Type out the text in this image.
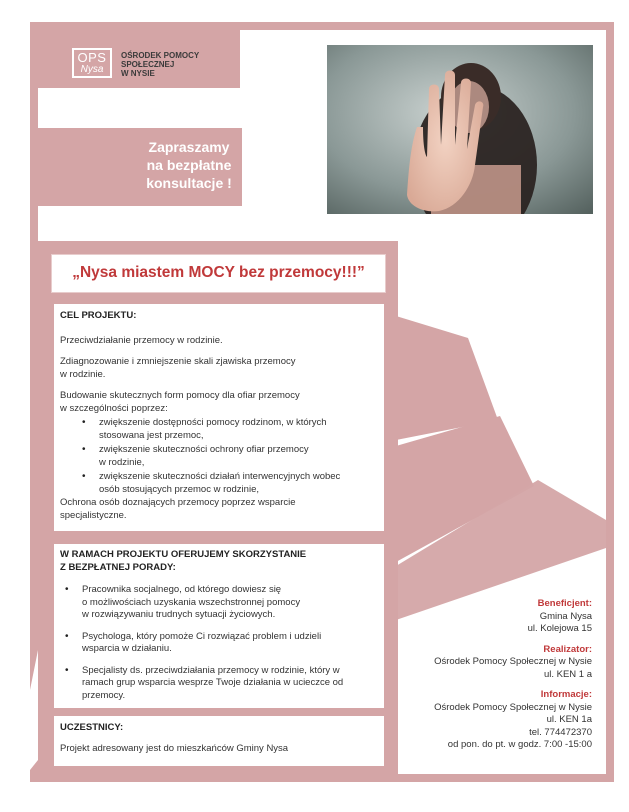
OPS
Nysa
OŚRODEK POMOCY
SPOŁECZNEJ
W NYSIE
Zapraszamy
na bezpłatne
konsultacje !
„Nysa miastem MOCY bez przemocy!!!”
CEL PROJEKTU:
Przeciwdziałanie przemocy w rodzinie.
Zdiagnozowanie i zmniejszenie skali zjawiska przemocy
w rodzinie.
Budowanie skutecznych form pomocy dla ofiar przemocy
w szczególności poprzez:
• zwiększenie dostępności pomocy rodzinom, w których
stosowana jest przemoc,
• zwiększenie skuteczności ochrony ofiar przemocy
w rodzinie,
• zwiększenie skuteczności działań interwencyjnych wobec
osób stosujących przemoc w rodzinie,
Ochrona osób doznających przemocy poprzez wsparcie
specjalistyczne.
W RAMACH PROJEKTU OFERUJEMY SKORZYSTANIE
Z BEZPŁATNEJ PORADY:
• Pracownika socjalnego, od którego dowiesz się
o możliwościach uzyskania wszechstronnej pomocy
w rozwiązywaniu trudnych sytuacji życiowych.
• Psychologa, który pomoże Ci rozwiązać problem i udzieli
wsparcia w działaniu.
• Specjalisty ds. przeciwdziałania przemocy w rodzinie, który w
ramach grup wsparcia wesprze Twoje działania w ucieczce od
przemocy.
UCZESTNICY:
Projekt adresowany jest do mieszkańców Gminy Nysa
Beneficjent:
Gmina Nysa
ul. Kolejowa 15
Realizator:
Ośrodek Pomocy Społecznej w Nysie
ul. KEN 1 a
Informacje:
Ośrodek Pomocy Społecznej w Nysie
ul. KEN 1a
tel. 774472370
od pon. do pt. w godz. 7:00 -15:00
